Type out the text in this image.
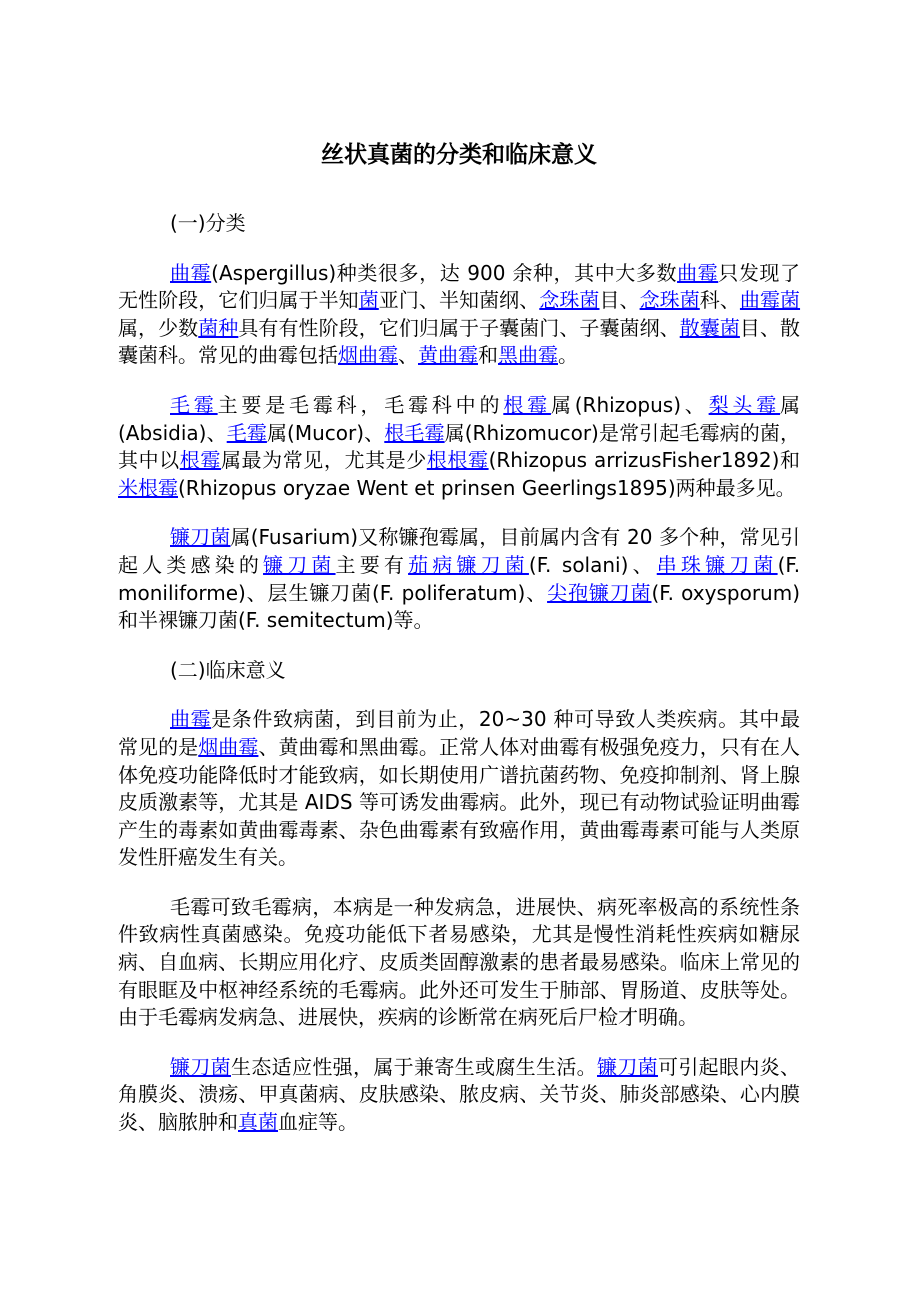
丝状真菌的分类和临床意义

(一)分类

曲霉(Aspergillus)种类很多，达 900 余种，其中大多数曲霉只发现了无性阶段，它们归属于半知菌亚门、半知菌纲、念珠菌目、念珠菌科、曲霉菌属，少数菌种具有有性阶段，它们归属于子囊菌门、子囊菌纲、散囊菌目、散囊菌科。常见的曲霉包括烟曲霉、黄曲霉和黑曲霉。

毛霉主要是毛霉科，毛霉科中的根霉属(Rhizopus)、梨头霉属(Absidia)、毛霉属(Mucor)、根毛霉属(Rhizomucor)是常引起毛霉病的菌，其中以根霉属最为常见，尤其是少根根霉(Rhizopus arrizusFisher1892)和米根霉(Rhizopus oryzae Went et prinsen Geerlings1895)两种最多见。

镰刀菌属(Fusarium)又称镰孢霉属，目前属内含有 20 多个种，常见引起人类感染的镰刀菌主要有茄病镰刀菌(F. solani)、串珠镰刀菌(F. moniliforme)、层生镰刀菌(F. poliferatum)、尖孢镰刀菌(F. oxysporum)和半裸镰刀菌(F. semitectum)等。

(二)临床意义

曲霉是条件致病菌，到目前为止，20~30 种可导致人类疾病。其中最常见的是烟曲霉、黄曲霉和黑曲霉。正常人体对曲霉有极强免疫力，只有在人体免疫功能降低时才能致病，如长期使用广谱抗菌药物、免疫抑制剂、肾上腺皮质激素等，尤其是 AIDS 等可诱发曲霉病。此外，现已有动物试验证明曲霉产生的毒素如黄曲霉毒素、杂色曲霉素有致癌作用，黄曲霉毒素可能与人类原发性肝癌发生有关。

毛霉可致毛霉病，本病是一种发病急，进展快、病死率极高的系统性条件致病性真菌感染。免疫功能低下者易感染，尤其是慢性消耗性疾病如糖尿病、自血病、长期应用化疗、皮质类固醇激素的患者最易感染。临床上常见的有眼眶及中枢神经系统的毛霉病。此外还可发生于肺部、胃肠道、皮肤等处。由于毛霉病发病急、进展快，疾病的诊断常在病死后尸检才明确。

镰刀菌生态适应性强，属于兼寄生或腐生生活。镰刀菌可引起眼内炎、角膜炎、溃疡、甲真菌病、皮肤感染、脓皮病、关节炎、肺炎部感染、心内膜炎、脑脓肿和真菌血症等。
